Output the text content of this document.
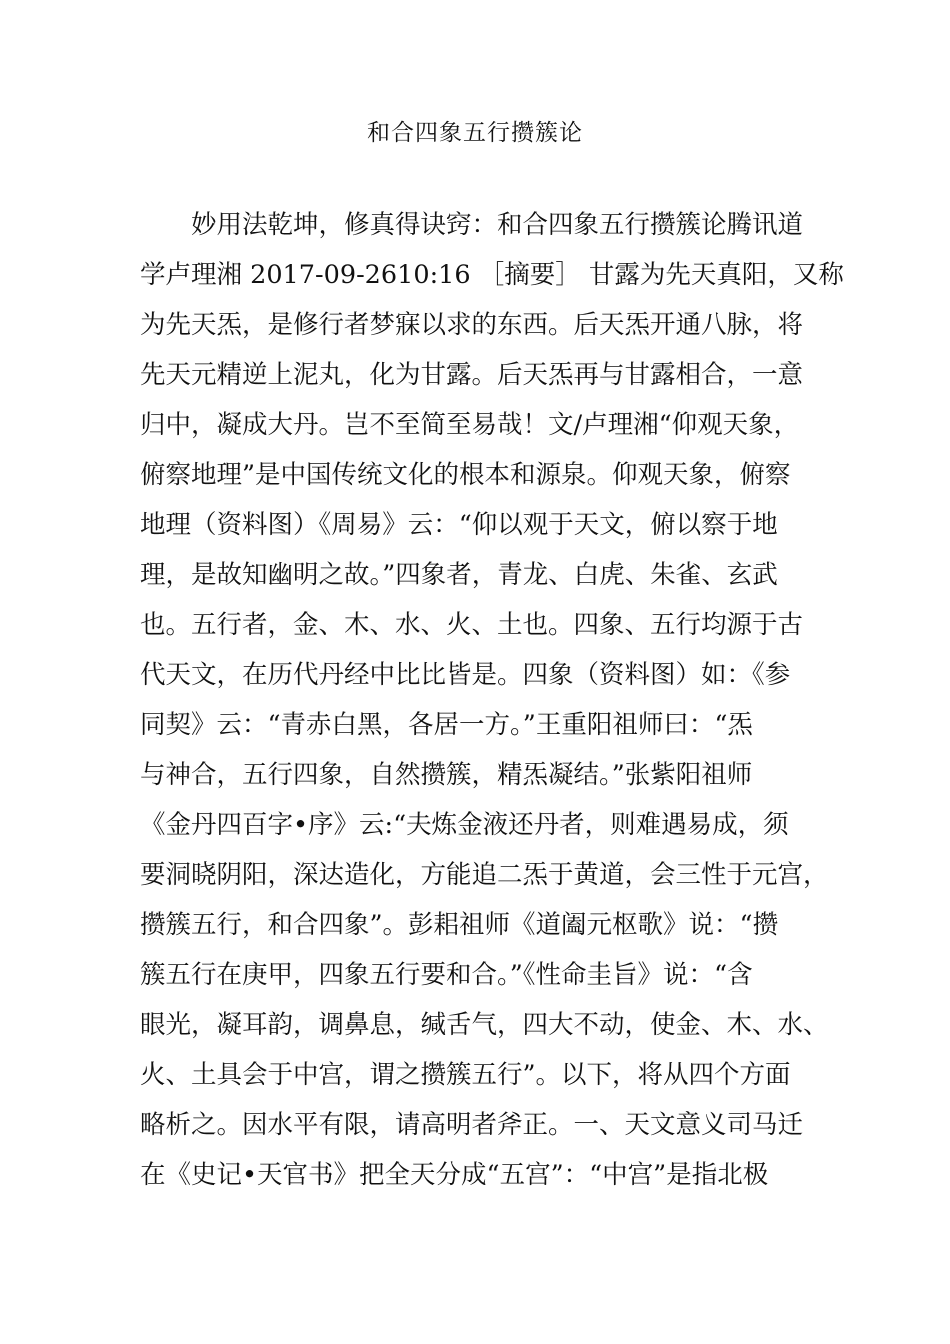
和合四象五行攒簇论
妙用法乾坤，修真得诀窍：和合四象五行攒簇论腾讯道
学卢理湘 2017-09-2610:16 ［摘要］ 甘露为先天真阳，又称
为先天炁，是修行者梦寐以求的东西。后天炁开通八脉，将
先天元精逆上泥丸，化为甘露。后天炁再与甘露相合，一意
归中，凝成大丹。岂不至简至易哉！文/卢理湘“仰观天象，
俯察地理”是中国传统文化的根本和源泉。仰观天象，俯察
地理（资料图）《周易》云：“仰以观于天文，俯以察于地
理，是故知幽明之故。”四象者，青龙、白虎、朱雀、玄武
也。五行者，金、木、水、火、土也。四象、五行均源于古
代天文，在历代丹经中比比皆是。四象（资料图）如：《参
同契》云：“青赤白黑，各居一方。”王重阳祖师曰：“炁
与神合，五行四象，自然攒簇，精炁凝结。”张紫阳祖师
《金丹四百字•序》云:“夫炼金液还丹者，则难遇易成，须
要洞晓阴阳，深达造化，方能追二炁于黄道，会三性于元宫，
攒簇五行，和合四象”。彭耜祖师《道阖元枢歌》说：“攒
簇五行在庚甲，四象五行要和合。”《性命圭旨》说：“含
眼光，凝耳韵，调鼻息，缄舌气，四大不动，使金、木、水、
火、土具会于中宫，谓之攒簇五行”。以下，将从四个方面
略析之。因水平有限，请高明者斧正。一、天文意义司马迁
在《史记•天官书》把全天分成“五宫”：“中宫”是指北极
